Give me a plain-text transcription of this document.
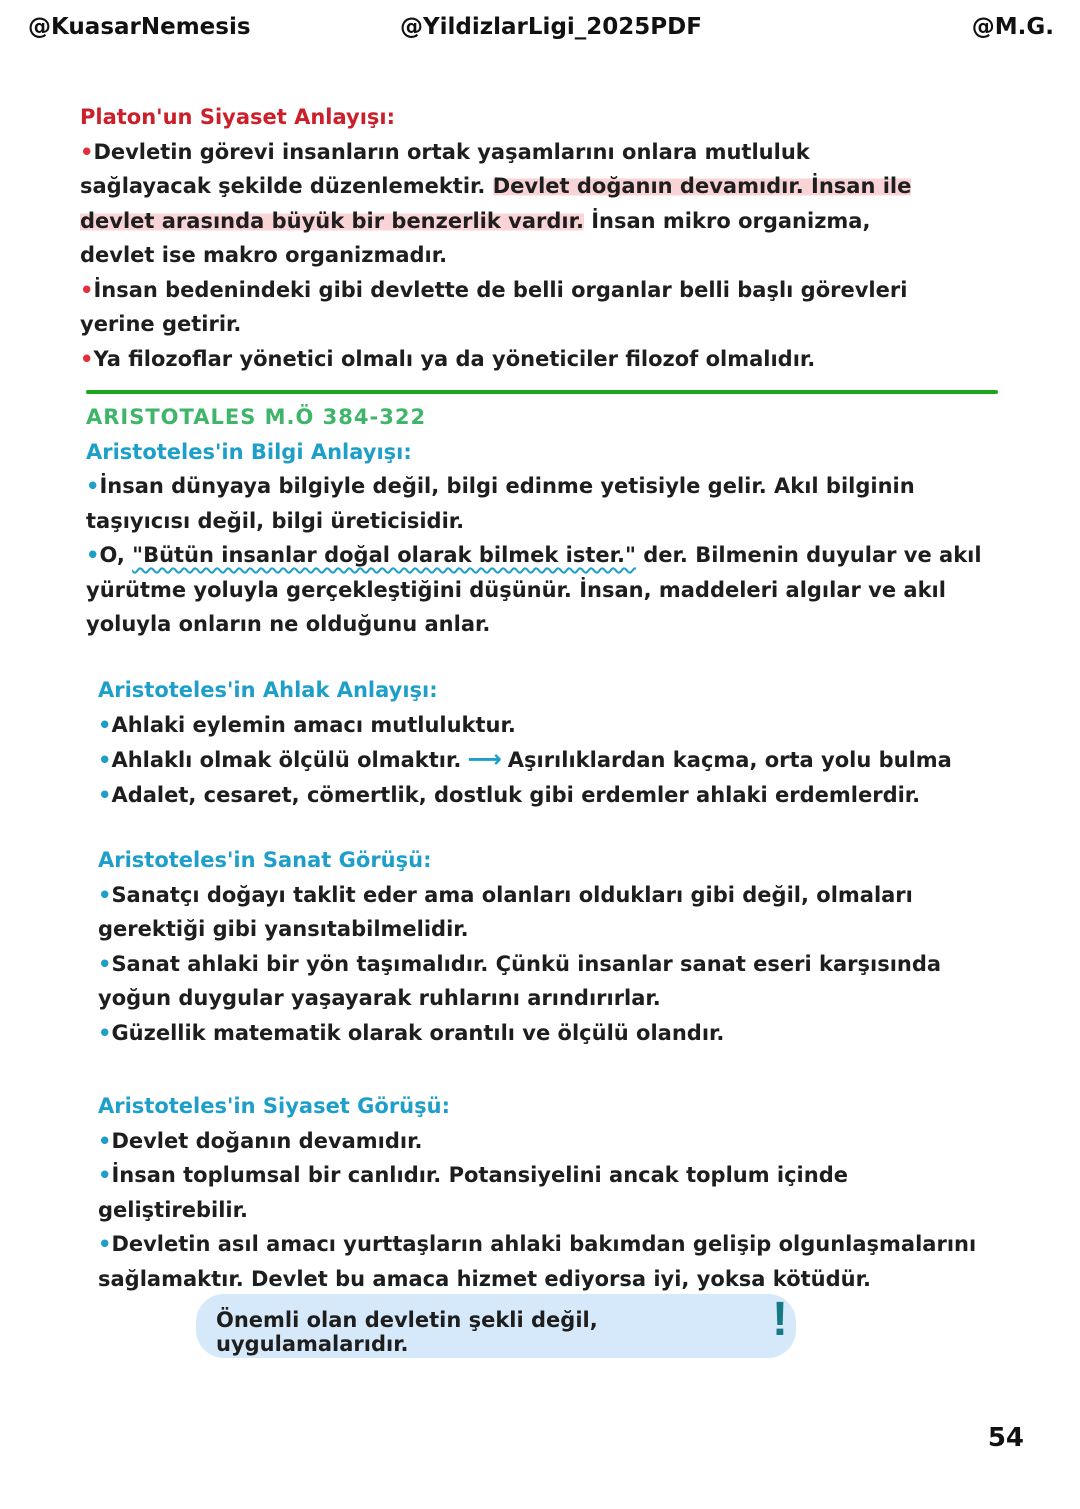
@KuasarNemesis	@YildizlarLigi_2025PDF	@M.G.
Platon'un Siyaset Anlayışı:

•Devletin görevi insanların ortak yaşamlarını onlara mutluluk sağlayacak şekilde düzenlemektir. Devlet doğanın devamıdır. İnsan ile devlet arasında büyük bir benzerlik vardır. İnsan mikro organizma, devlet ise makro organizmadır.

•İnsan bedenindeki gibi devlette de belli organlar belli başlı görevleri yerine getirir.

•Ya filozoflar yönetici olmalı ya da yöneticiler filozof olmalıdır.

ARISTOTALES M.Ö 384-322
Aristoteles'in Bilgi Anlayışı:

•İnsan dünyaya bilgiyle değil, bilgi edinme yetisiyle gelir. Akıl bilginin taşıyıcısı değil, bilgi üreticisidir.

•O, "Bütün insanlar doğal olarak bilmek ister." der. Bilmenin duyular ve akıl yürütme yoluyla gerçekleştiğini düşünür. İnsan, maddeleri algılar ve akıl yoluyla onların ne olduğunu anlar.

Aristoteles'in Ahlak Anlayışı:

•Ahlaki eylemin amacı mutluluktur.

•Ahlaklı olmak ölçülü olmaktır. ⟶ Aşırılıklardan kaçma, orta yolu bulma

•Adalet, cesaret, cömertlik, dostluk gibi erdemler ahlaki erdemlerdir.

Aristoteles'in Sanat Görüşü:

•Sanatçı doğayı taklit eder ama olanları oldukları gibi değil, olmaları gerektiği gibi yansıtabilmelidir.

•Sanat ahlaki bir yön taşımalıdır. Çünkü insanlar sanat eseri karşısında yoğun duygular yaşayarak ruhlarını arındırırlar.

•Güzellik matematik olarak orantılı ve ölçülü olandır.

Aristoteles'in Siyaset Görüşü:

•Devlet doğanın devamıdır.

•İnsan toplumsal bir canlıdır. Potansiyelini ancak toplum içinde geliştirebilir.

•Devletin asıl amacı yurttaşların ahlaki bakımdan gelişip olgunlaşmalarını sağlamaktır. Devlet bu amaca hizmet ediyorsa iyi, yoksa kötüdür.

Önemli olan devletin şekli değil, uygulamalarıdır.	!
54
